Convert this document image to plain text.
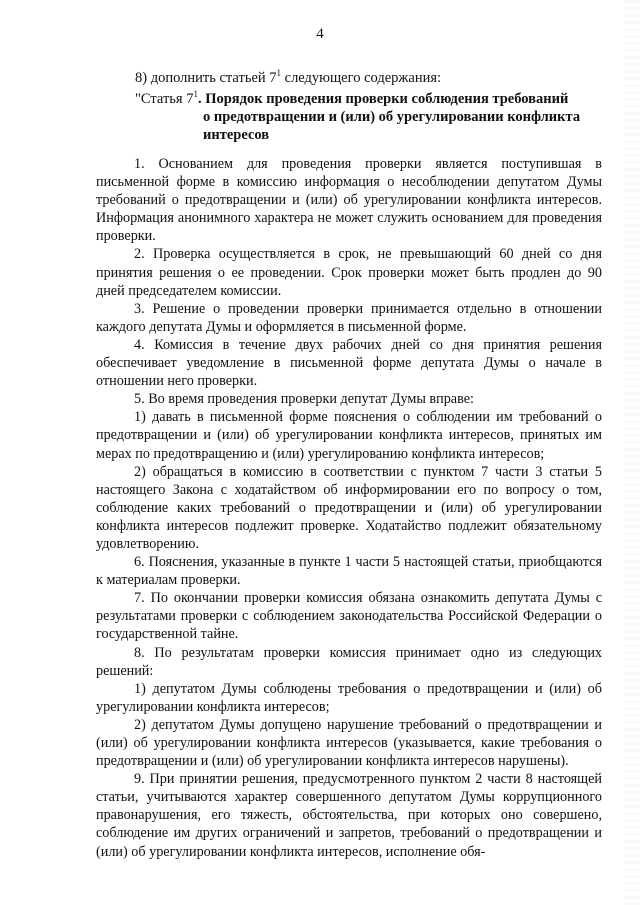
4
8) дополнить статьей $7^1$ следующего содержания:
"Статья $7^1$. Порядок проведения проверки соблюдения требований
о предотвращении и (или) об урегулировании конфликта
интересов

1. Основанием для проведения проверки является поступившая в письменной форме в комиссию информация о несоблюдении депутатом Думы требований о предотвращении и (или) об урегулировании конфликта интересов. Информация анонимного характера не может служить основанием для проведения проверки.

2. Проверка осуществляется в срок, не превышающий 60 дней со дня принятия решения о ее проведении. Срок проверки может быть продлен до 90 дней председателем комиссии.

3. Решение о проведении проверки принимается отдельно в отношении каждого депутата Думы и оформляется в письменной форме.

4. Комиссия в течение двух рабочих дней со дня принятия решения обеспечивает уведомление в письменной форме депутата Думы о начале в отношении него проверки.

5. Во время проведения проверки депутат Думы вправе:

1) давать в письменной форме пояснения о соблюдении им требований о предотвращении и (или) об урегулировании конфликта интересов, принятых им мерах по предотвращению и (или) урегулированию конфликта интересов;

2) обращаться в комиссию в соответствии с пунктом 7 части 3 статьи 5 настоящего Закона с ходатайством об информировании его по вопросу о том, соблюдение каких требований о предотвращении и (или) об урегулировании конфликта интересов подлежит проверке. Ходатайство подлежит обязательному удовлетворению.

6. Пояснения, указанные в пункте 1 части 5 настоящей статьи, приобщаются к материалам проверки.

7. По окончании проверки комиссия обязана ознакомить депутата Думы с результатами проверки с соблюдением законодательства Российской Федерации о государственной тайне.

8. По результатам проверки комиссия принимает одно из следующих решений:

1) депутатом Думы соблюдены требования о предотвращении и (или) об урегулировании конфликта интересов;

2) депутатом Думы допущено нарушение требований о предотвращении и (или) об урегулировании конфликта интересов (указывается, какие требования о предотвращении и (или) об урегулировании конфликта интересов нарушены).

9. При принятии решения, предусмотренного пунктом 2 части 8 настоящей статьи, учитываются характер совершенного депутатом Думы коррупционного правонарушения, его тяжесть, обстоятельства, при которых оно совершено, соблюдение им других ограничений и запретов, требований о предотвращении и (или) об урегулировании конфликта интересов, исполнение обя-
